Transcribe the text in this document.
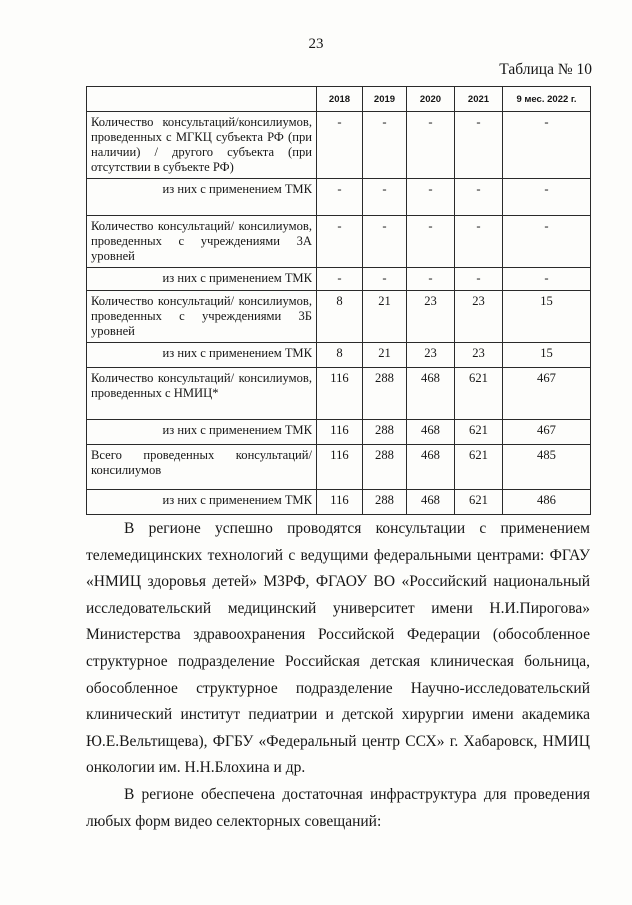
23
Таблица № 10
	2018	2019	2020	2021	9 мес. 2022 г.
Количество консультаций/консилиумов, проведенных с МГКЦ субъекта РФ (при наличии) / другого субъекта (при отсутствии в субъекте РФ)	-	-	-	-	-
из них с применением ТМК	-	-	-	-	-
Количество консультаций/ консилиумов, проведенных с учреждениями 3А уровней	-	-	-	-	-
из них с применением ТМК	-	-	-	-	-
Количество консультаций/ консилиумов, проведенных с учреждениями 3Б уровней	8	21	23	23	15
из них с применением ТМК	8	21	23	23	15
Количество консультаций/ консилиумов, проведенных с НМИЦ*	116	288	468	621	467
из них с применением ТМК	116	288	468	621	467
Всего проведенных консультаций/ консилиумов	116	288	468	621	485
из них с применением ТМК	116	288	468	621	486

В регионе успешно проводятся консультации с применением телемедицинских технологий с ведущими федеральными центрами: ФГАУ «НМИЦ здоровья детей» МЗРФ, ФГАОУ ВО «Российский национальный исследовательский медицинский университет имени Н.И.Пирогова» Министерства здравоохранения Российской Федерации (обособленное структурное подразделение Российская детская клиническая больница, обособленное структурное подразделение Научно-исследовательский клинический институт педиатрии и детской хирургии имени академика Ю.Е.Вельтищева), ФГБУ «Федеральный центр ССХ» г. Хабаровск, НМИЦ онкологии им. Н.Н.Блохина и др.

В регионе обеспечена достаточная инфраструктура для проведения любых форм видео селекторных совещаний:
